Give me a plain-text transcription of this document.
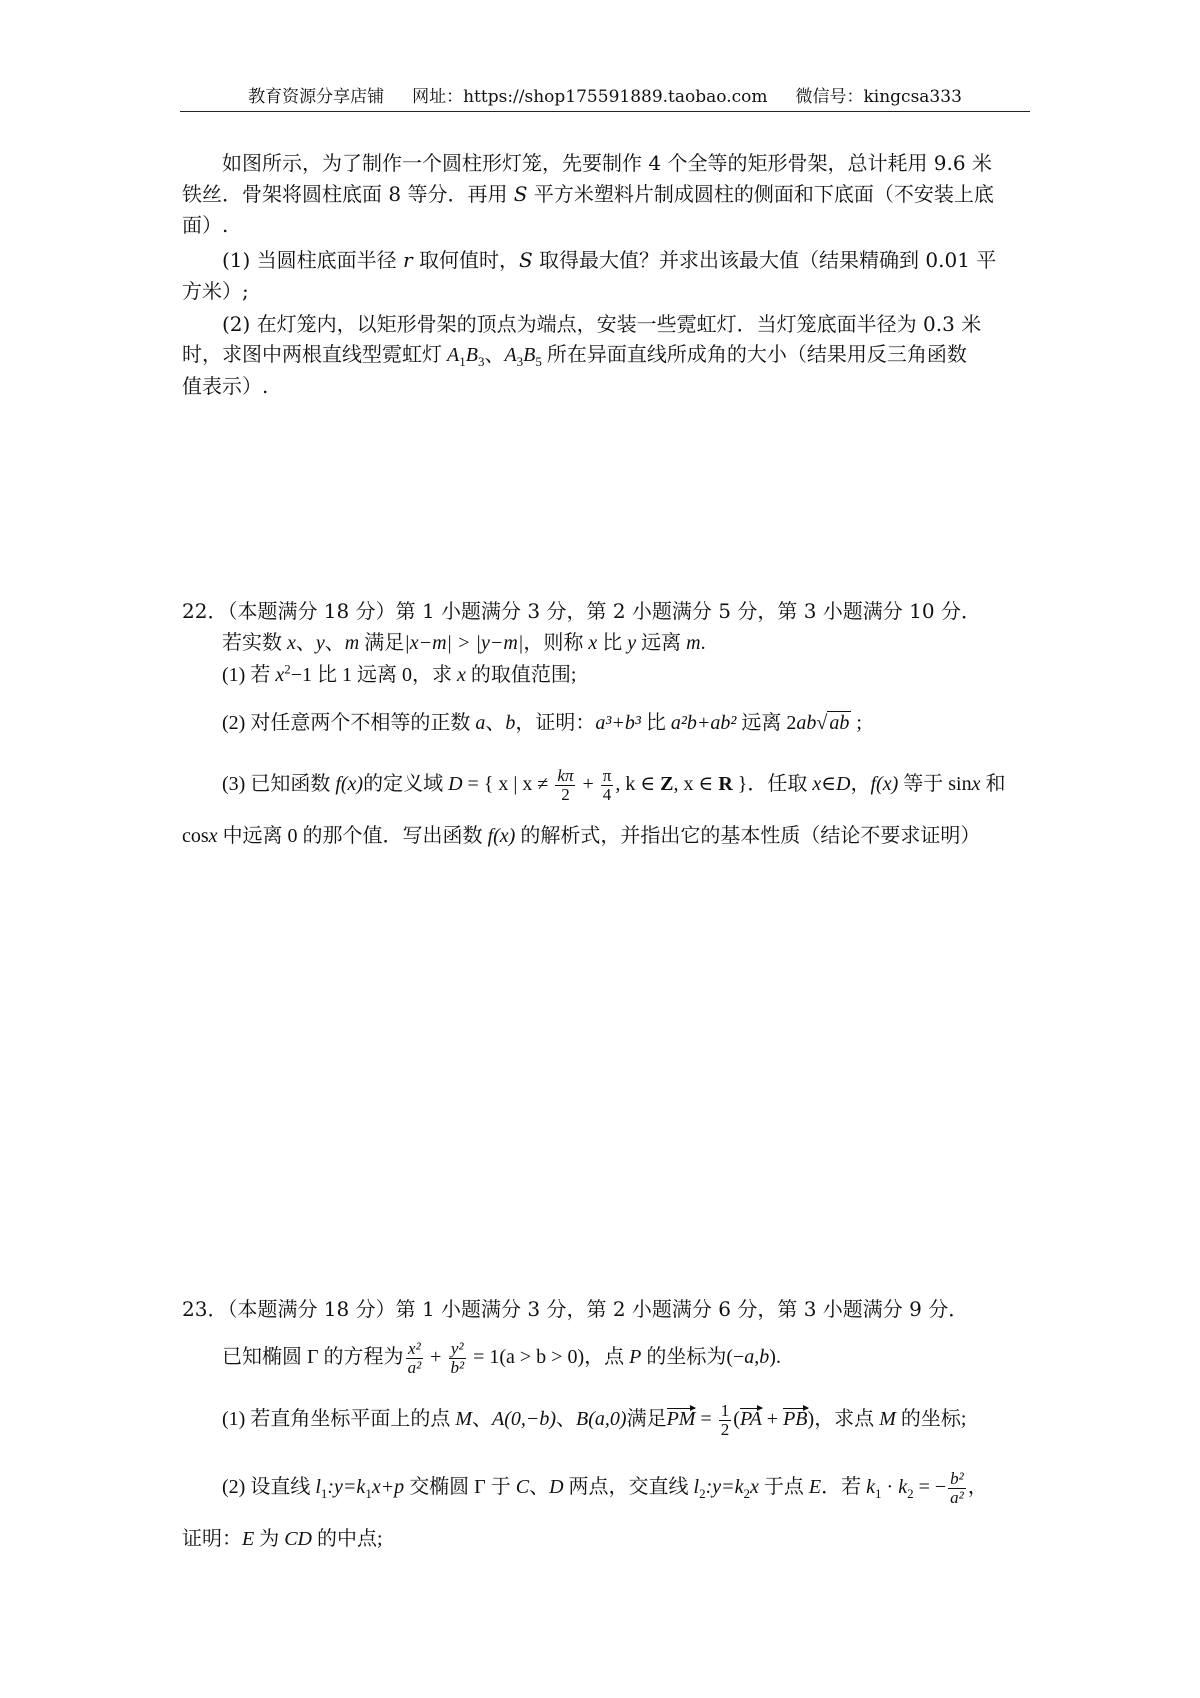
教育资源分享店铺 网址：https://shop175591889.taobao.com 微信号：kingcsa333
如图所示，为了制作一个圆柱形灯笼，先要制作 4 个全等的矩形骨架，总计耗用 9.6 米
铁丝．骨架将圆柱底面 8 等分．再用 S 平方米塑料片制成圆柱的侧面和下底面（不安装上底
面）.
(1) 当圆柱底面半径 r 取何值时，S 取得最大值？并求出该最大值（结果精确到 0.01 平
方米）;
(2) 在灯笼内，以矩形骨架的顶点为端点，安装一些霓虹灯．当灯笼底面半径为 0.3 米
时，求图中两根直线型霓虹灯 $A_1B_3$、$A_3B_5$ 所在异面直线所成角的大小（结果用反三角函数
值表示）.
22．（本题满分 18 分）第 1 小题满分 3 分，第 2 小题满分 5 分，第 3 小题满分 10 分．
若实数 x、y、m 满足|x−m| > |y−m|，则称 x 比 y 远离 m.
(1) 若 $x^2-1$ 比 1 远离 0，求 x 的取值范围;
(2) 对任意两个不相等的正数 a、b，证明：a³+b³ 比 a²b+ab² 远离 2ab√ ab ;
(3) 已知函数 f(x)的定义域 D = { x | $x \ne \frac{k\pi}{2} + \frac{\pi}{4}$ , k ∈ Z, x ∈ R }．任取 x∈D，f(x) 等于 sinx 和
cosx 中远离 0 的那个值．写出函数 f(x) 的解析式，并指出它的基本性质（结论不要求证明）
23．（本题满分 18 分）第 1 小题满分 3 分，第 2 小题满分 6 分，第 3 小题满分 9 分．
已知椭圆 Γ 的方程为 $\frac{\text{x²}}{\text{a²}} + \frac{\text{y²}}{\text{b²}} = 1(a > b > 0)$，点 P 的坐标为(−a,b).
(1) 若直角坐标平面上的点 M、A(0,−b)、B(a,0)满足PM = $\frac{1}{2} (PA + PB)$，求点 M 的坐标;
(2) 设直线 $l_1:y=k_1x+p$ 交椭圆 Γ 于 C、D 两点，交直线 $l_2:y=k_2x$ 于点 E．若 $k_1 \cdot k_2$ = − $\frac{\text{b²}}{\text{a²}}$ ，
证明：E 为 CD 的中点;
